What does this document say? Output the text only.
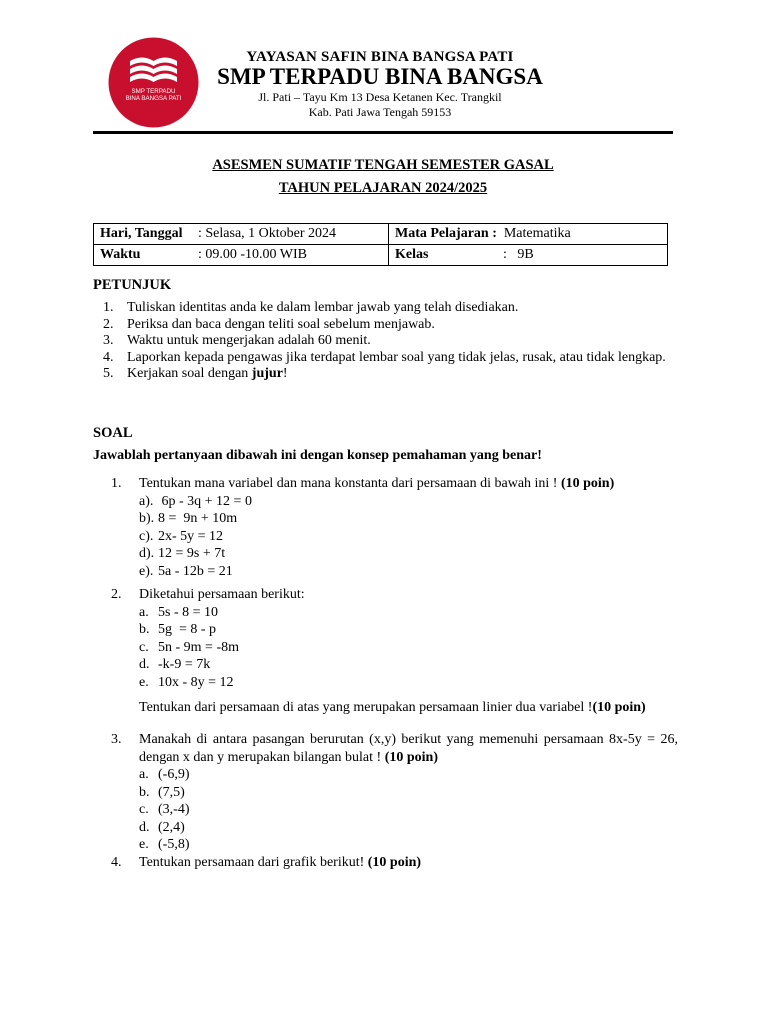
SMP TERPADU
BINA BANGSA PATI
YAYASAN SAFIN BINA BANGSA PATI
SMP TERPADU BINA BANGSA
Jl. Pati – Tayu Km 13 Desa Ketanen Kec. Trangkil
Kab. Pati Jawa Tengah 59153
ASESMEN SUMATIF TENGAH SEMESTER GASAL
TAHUN PELAJARAN 2024/2025
Hari, Tanggal : Selasa, 1 Oktober 2024	Mata Pelajaran : Matematika
Waktu : 09.00 -10.00 WIB	Kelas :   9B
PETUNJUK
1. Tuliskan identitas anda ke dalam lembar jawab yang telah disediakan.
2. Periksa dan baca dengan teliti soal sebelum menjawab.
3. Waktu untuk mengerjakan adalah 60 menit.
4. Laporkan kepada pengawas jika terdapat lembar soal yang tidak jelas, rusak, atau tidak lengkap.
5. Kerjakan soal dengan jujur!
SOAL
Jawablah pertanyaan dibawah ini dengan konsep pemahaman yang benar!
1. Tentukan mana variabel dan mana konstanta dari persamaan di bawah ini ! (10 poin)
a). 6p - 3q + 12 = 0
b). 8 =  9n + 10m
c). 2x- 5y = 12
d). 12 = 9s + 7t
e). 5a - 12b = 21
2. Diketahui persamaan berikut:
a. 5s - 8 = 10
b. 5g  = 8 - p
c. 5n - 9m = -8m
d. -k-9 = 7k
e. 10x - 8y = 12
Tentukan dari persamaan di atas yang merupakan persamaan linier dua variabel !(10 poin)
3. Manakah di antara pasangan berurutan (x,y) berikut yang memenuhi persamaan 8x-5y = 26, dengan x dan y merupakan bilangan bulat ! (10 poin)
a. (-6,9)
b. (7,5)
c. (3,-4)
d. (2,4)
e. (-5,8)
4. Tentukan persamaan dari grafik berikut! (10 poin)
